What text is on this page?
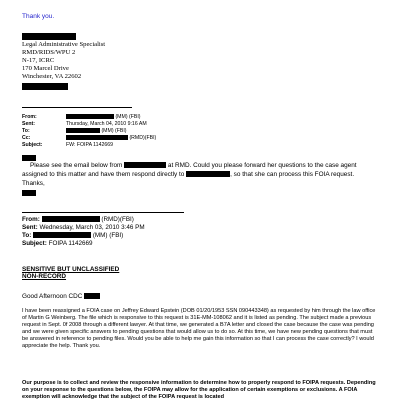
Thank you.
Legal Administrative Specialist
RMD/RIDS/WPU 2
N-17, ICRC
170 Marcel Drive
Winchester, VA 22602
From:	(MM) (FBI)
Sent:	Thursday, March 04, 2010 9:16 AM
To:	(MM) (FBI)
Cc:	(RMD)(FBI)
Subject:	FW: FOIPA 1142669
Please see the email below from	at RMD. Could you please forward her questions to the case agent
assigned to this matter and have them respond directly to	, so that she can process this FOIA request.
Thanks,
From:	(RMD)(FBI)
Sent: Wednesday, March 03, 2010 3:46 PM
To:	(MM) (FBI)
Subject: FOIPA 1142669
SENSITIVE BUT UNCLASSIFIED
NON-RECORD
Good Afternoon CDC
I have been reassigned a FOIA case on Jeffrey Edward Epstein (DOB 01/20/1953 SSN 090443348) as requested by him through the law office of Martin G Weinberg. The file which is responsive to this request is 31E-MM-108062 and it is listed as pending. The subject made a previous request in Sept. 0f 2008 through a different lawyer. At that time, we generated a B7A letter and closed the case because the case was pending and we were given specific answers to pending questions that would allow us to do so. At this time, we have new pending questions that must be answered in reference to pending files. Would you be able to help me gain this information so that I can process the case correctly? I would appreciate the help. Thank you.
Our purpose is to collect and review the responsive information to determine how to properly respond to FOIPA requests. Depending on your response to the questions below, the FOIPA may allow for the application of certain exemptions or exclusions. A FOIA exemption will acknowledge that the subject of the FOIPA request is located
